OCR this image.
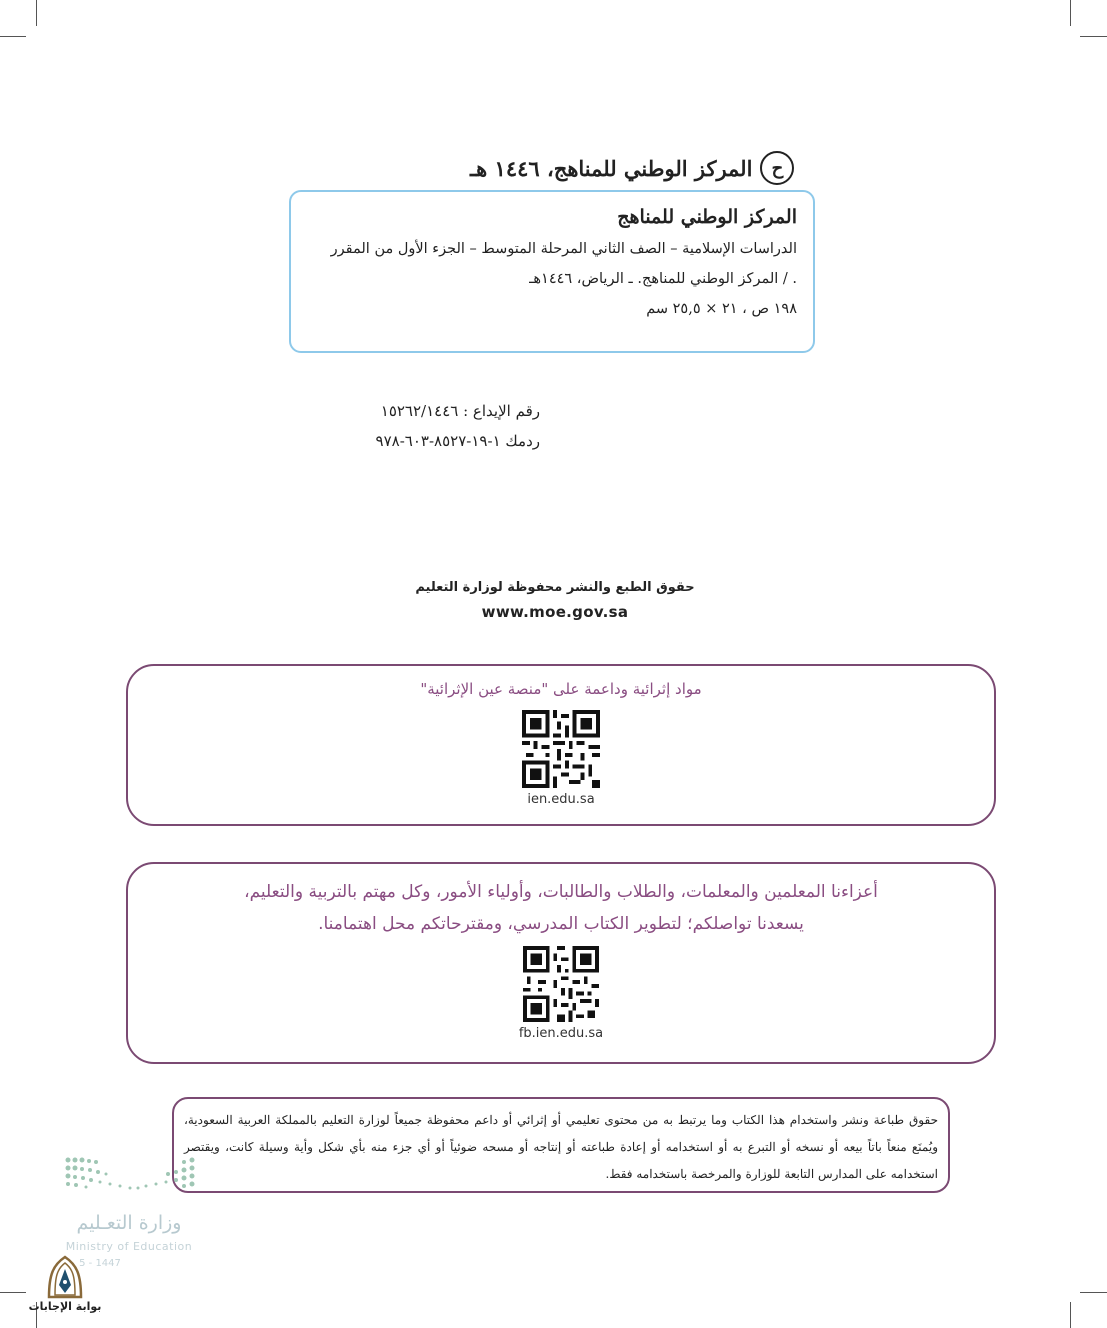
ح
المركز الوطني للمناهج، ١٤٤٦ هـ
المركز الوطني للمناهج
الدراسات الإسلامية – الصف الثاني المرحلة المتوسط – الجزء الأول من المقرر
. / المركز الوطني للمناهج. ـ الرياض، ١٤٤٦هـ
١٩٨ ص ، ٢١ × ٢٥,٥ سم
رقم الإيداع : ١٥٢٦٢/١٤٤٦
ردمك ١-١٩-٨٥٢٧-٦٠٣-٩٧٨
حقوق الطبع والنشر محفوظة لوزارة التعليم
www.moe.gov.sa
مواد إثرائية وداعمة على "منصة عين الإثرائية"
ien.edu.sa
أعزاءنا المعلمين والمعلمات، والطلاب والطالبات، وأولياء الأمور، وكل مهتم بالتربية والتعليم،
يسعدنا تواصلكم؛ لتطوير الكتاب المدرسي، ومقترحاتكم محل اهتمامنا.
fb.ien.edu.sa
حقوق طباعة ونشر واستخدام هذا الكتاب وما يرتبط به من محتوى تعليمي أو إثرائي أو داعم محفوظة جميعاً لوزارة التعليم بالمملكة العربية السعودية، ويُمنَع منعاً باتاً بيعه أو نسخه أو التبرع به أو استخدامه أو إعادة طباعته أو إنتاجه أو مسحه ضوئياً أو أي جزء منه بأي شكل وأية وسيلة كانت، ويقتصر استخدامه على المدارس التابعة للوزارة والمرخصة باستخدامه فقط.
وزارة التعـليم
Ministry of Education
5 - 1447
بوابة الإجابات
